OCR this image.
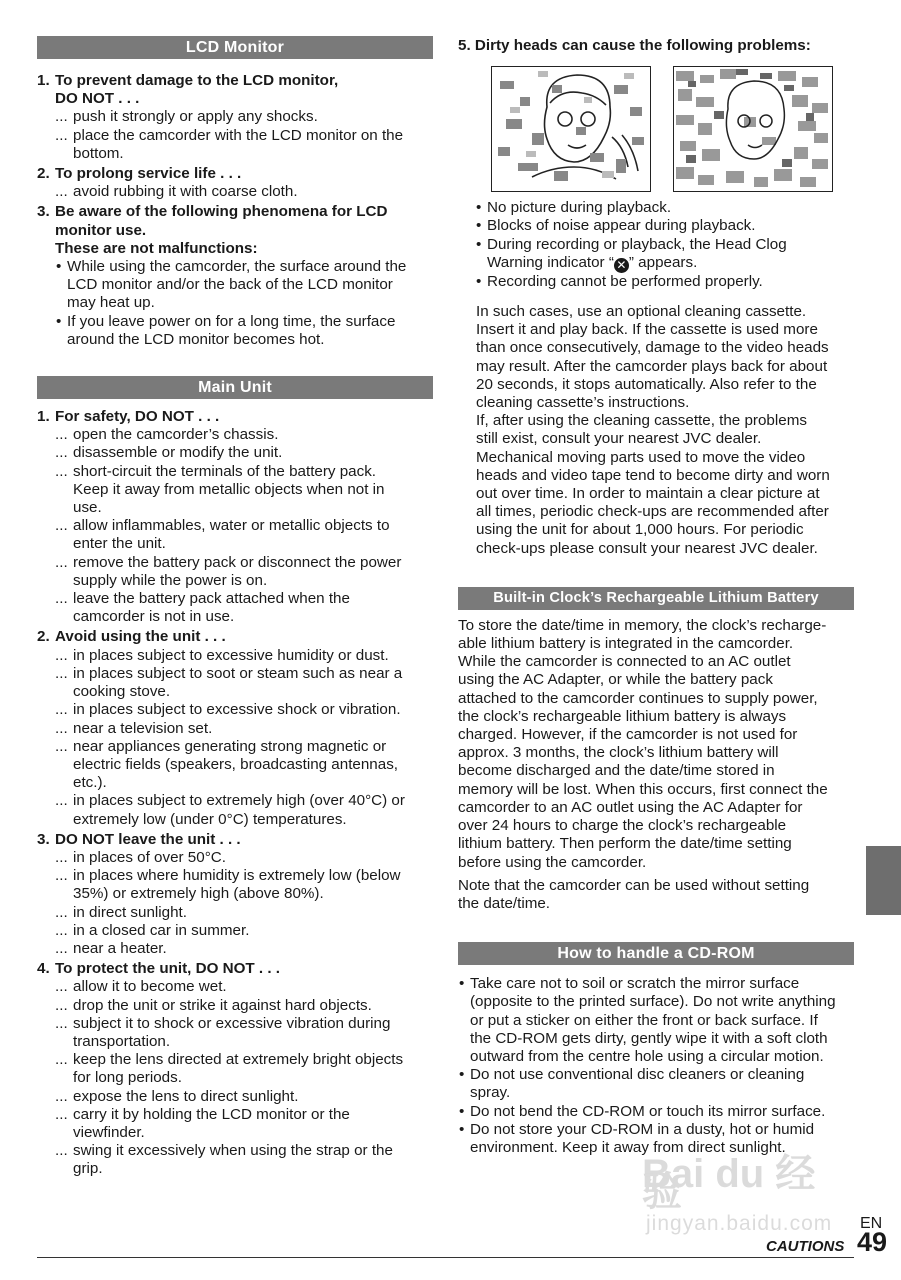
LCD Monitor
1. To prevent damage to the LCD monitor,
DO NOT . . .
... push it strongly or apply any shocks.
... place the camcorder with the LCD monitor on the
bottom.
2. To prolong service life . . .
... avoid rubbing it with coarse cloth.
3. Be aware of the following phenomena for LCD
monitor use.
These are not malfunctions:
• While using the camcorder, the surface around the
LCD monitor and/or the back of the LCD monitor
may heat up.
• If you leave power on for a long time, the surface
around the LCD monitor becomes hot.
Main Unit
1. For safety, DO NOT . . .
... open the camcorder’s chassis.
... disassemble or modify the unit.
... short-circuit the terminals of the battery pack.
Keep it away from metallic objects when not in
use.
... allow inflammables, water or metallic objects to
enter the unit.
... remove the battery pack or disconnect the power
supply while the power is on.
... leave the battery pack attached when the
camcorder is not in use.
2. Avoid using the unit . . .
... in places subject to excessive humidity or dust.
... in places subject to soot or steam such as near a
cooking stove.
... in places subject to excessive shock or vibration.
... near a television set.
... near appliances generating strong magnetic or
electric fields (speakers, broadcasting antennas,
etc.).
... in places subject to extremely high (over 40°C) or
extremely low (under 0°C) temperatures.
3. DO NOT leave the unit . . .
... in places of over 50°C.
... in places where humidity is extremely low (below
35%) or extremely high (above 80%).
... in direct sunlight.
... in a closed car in summer.
... near a heater.
4. To protect the unit, DO NOT . . .
... allow it to become wet.
... drop the unit or strike it against hard objects.
... subject it to shock or excessive vibration during
transportation.
... keep the lens directed at extremely bright objects
for long periods.
... expose the lens to direct sunlight.
... carry it by holding the LCD monitor or the
viewfinder.
... swing it excessively when using the strap or the
grip.
5. Dirty heads can cause the following problems:
• No picture during playback.
• Blocks of noise appear during playback.
• During recording or playback, the Head Clog
Warning indicator “ ✕ ” appears.
• Recording cannot be performed properly.
In such cases, use an optional cleaning cassette.
Insert it and play back. If the cassette is used more
than once consecutively, damage to the video heads
may result. After the camcorder plays back for about
20 seconds, it stops automatically. Also refer to the
cleaning cassette’s instructions.
If, after using the cleaning cassette, the problems
still exist, consult your nearest JVC dealer.
Mechanical moving parts used to move the video
heads and video tape tend to become dirty and worn
out over time. In order to maintain a clear picture at
all times, periodic check-ups are recommended after
using the unit for about 1,000 hours. For periodic
check-ups please consult your nearest JVC dealer.
Built-in Clock’s Rechargeable Lithium Battery
To store the date/time in memory, the clock’s recharge-
able lithium battery is integrated in the camcorder.
While the camcorder is connected to an AC outlet
using the AC Adapter, or while the battery pack
attached to the camcorder continues to supply power,
the clock’s rechargeable lithium battery is always
charged. However, if the camcorder is not used for
approx. 3 months, the clock’s lithium battery will
become discharged and the date/time stored in
memory will be lost. When this occurs, first connect the
camcorder to an AC outlet using the AC Adapter for
over 24 hours to charge the clock’s rechargeable
lithium battery. Then perform the date/time setting
before using the camcorder.
Note that the camcorder can be used without setting
the date/time.
How to handle a CD-ROM
• Take care not to soil or scratch the mirror surface
(opposite to the printed surface). Do not write anything
or put a sticker on either the front or back surface. If
the CD-ROM gets dirty, gently wipe it with a soft cloth
outward from the centre hole using a circular motion.
• Do not use conventional disc cleaners or cleaning
spray.
• Do not bend the CD-ROM or touch its mirror surface.
• Do not store your CD-ROM in a dusty, hot or humid
environment. Keep it away from direct sunlight.
CAUTIONS
EN
49
Bai du 经验
jingyan.baidu.com
